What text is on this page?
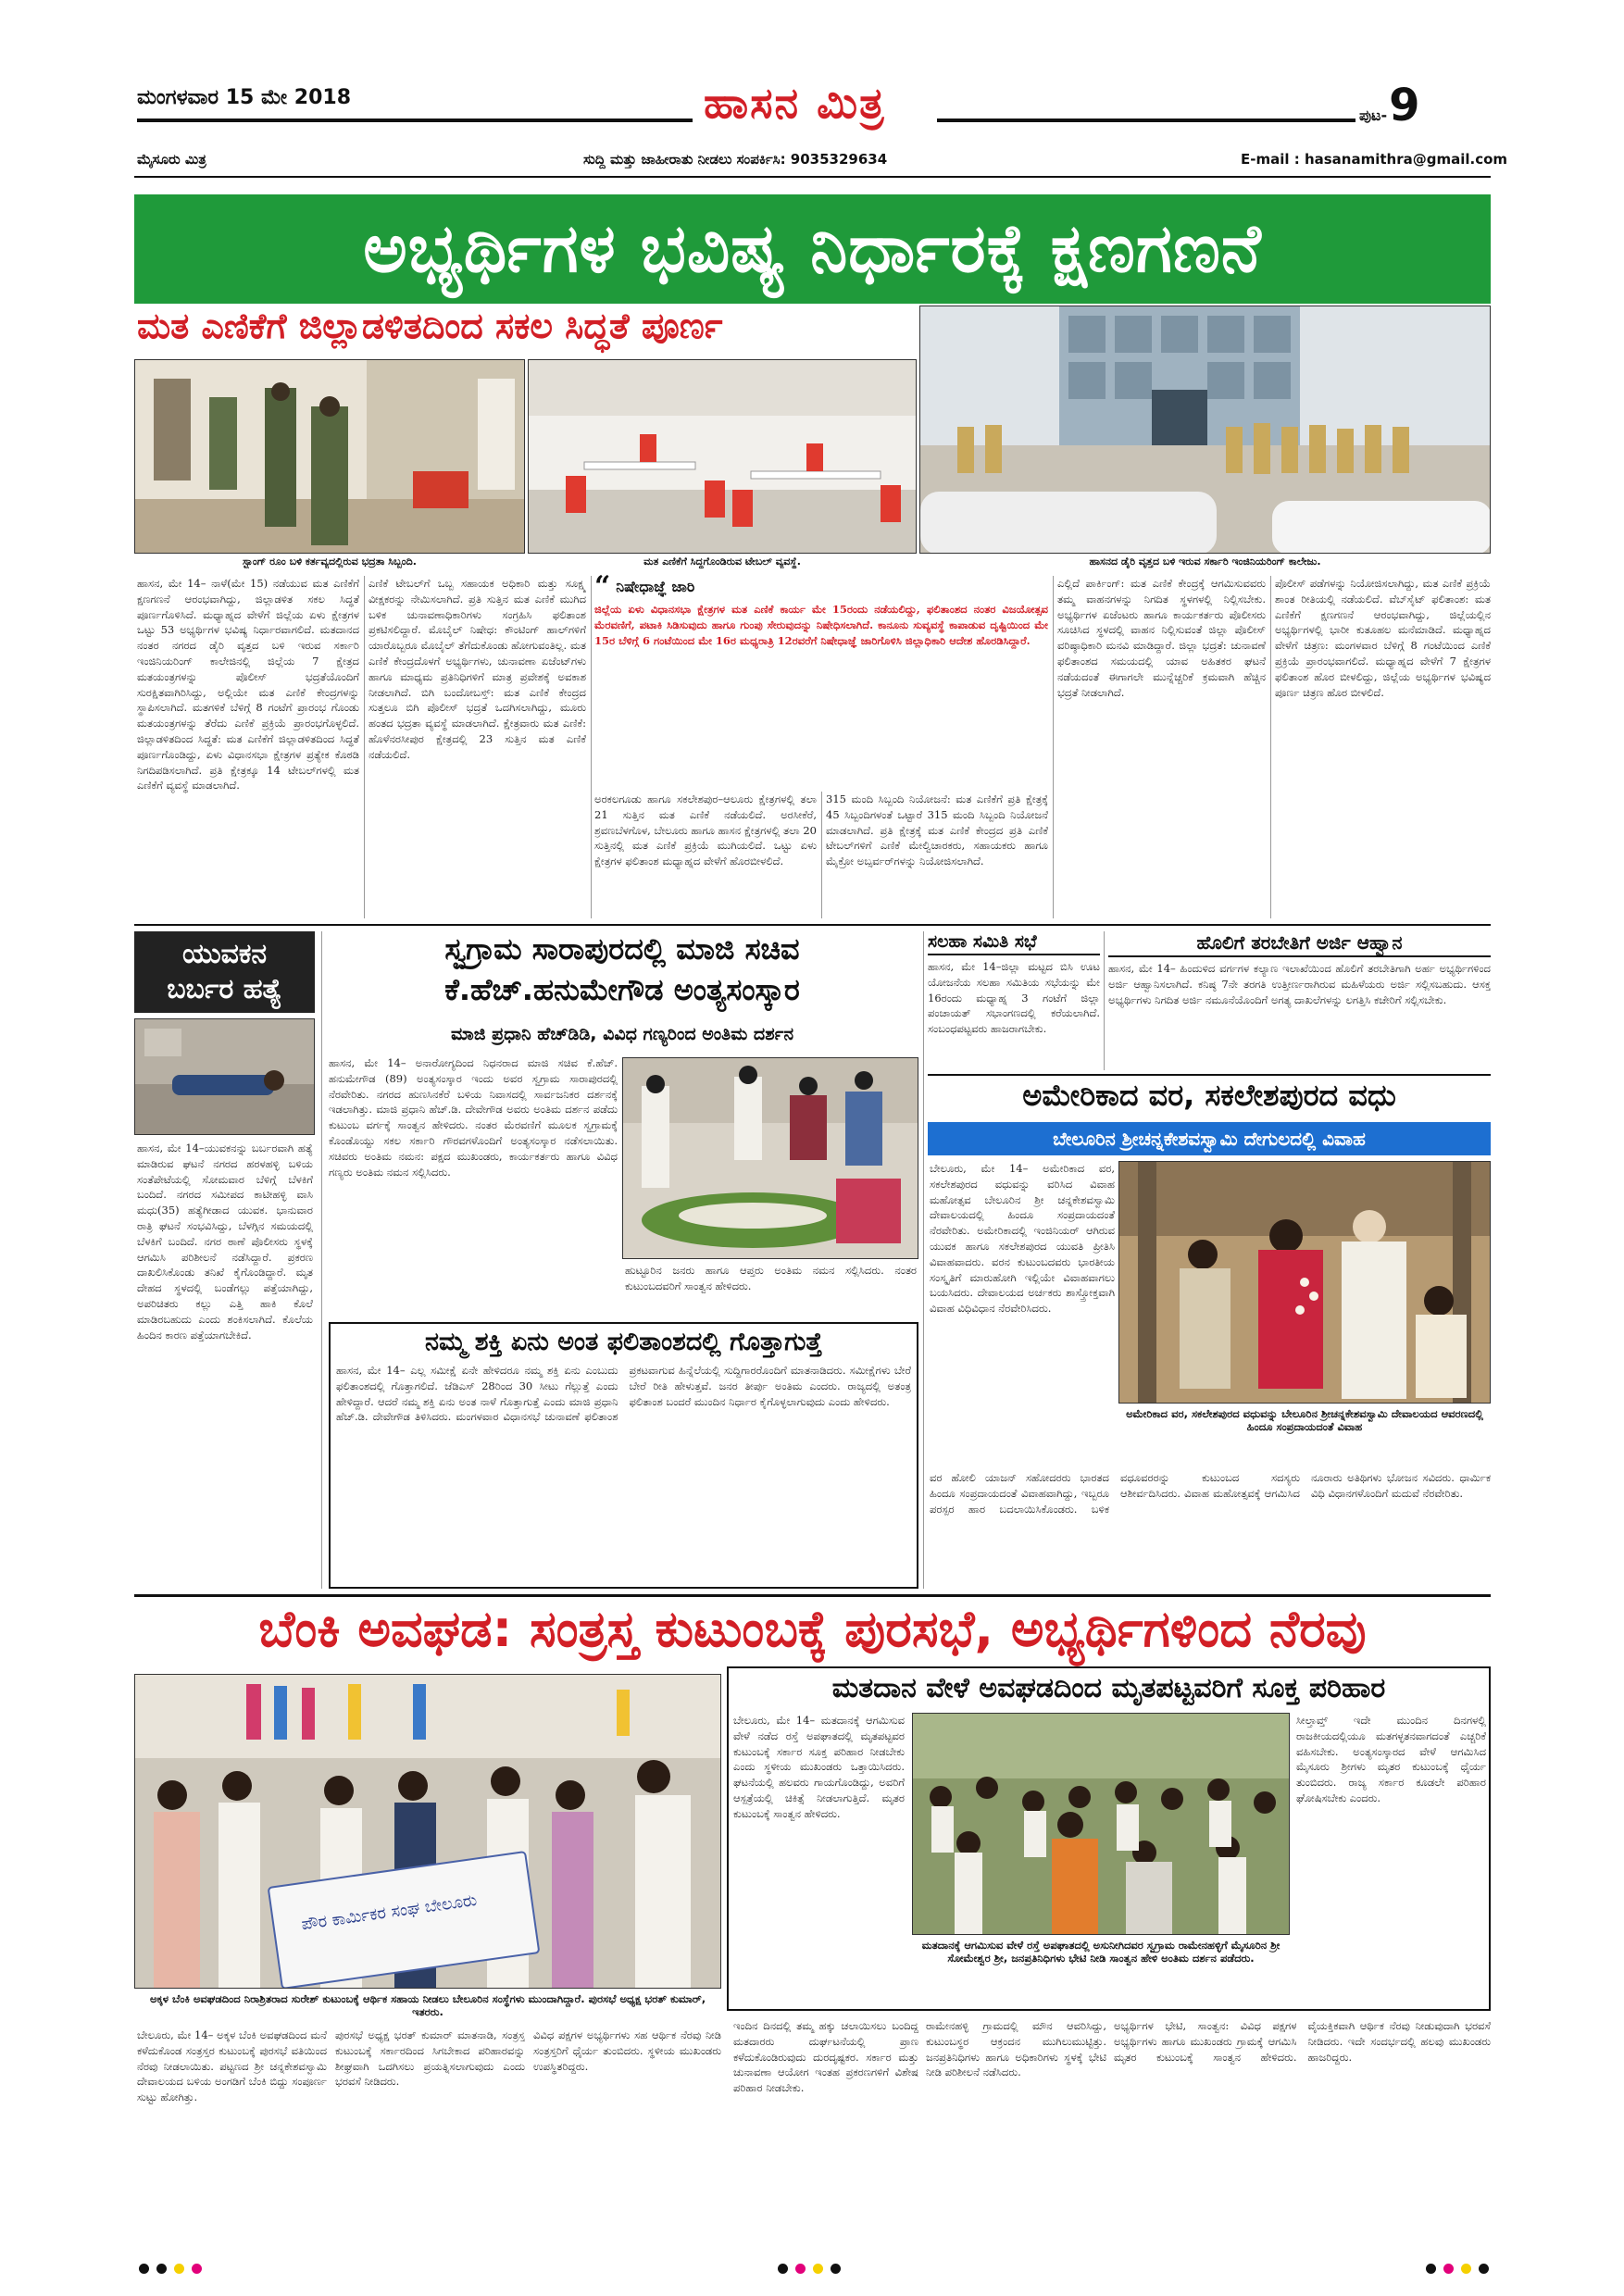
ಮಂಗಳವಾರ 15 ಮೇ 2018	ಹಾಸನ ಮಿತ್ರ	ಪುಟ- 9
ಮೈಸೂರು ಮಿತ್ರ	ಸುದ್ದಿ ಮತ್ತು ಜಾಹೀರಾತು ನೀಡಲು ಸಂಪರ್ಕಿಸಿ: 9035329634	E-mail : hasanamithra@gmail.com
ಅಭ್ಯರ್ಥಿಗಳ ಭವಿಷ್ಯ ನಿರ್ಧಾರಕ್ಕೆ ಕ್ಷಣಗಣನೆ
ಮತ ಎಣಿಕೆಗೆ ಜಿಲ್ಲಾಡಳಿತದಿಂದ ಸಕಲ ಸಿದ್ಧತೆ ಪೂರ್ಣ
ಸ್ಟ್ರಾಂಗ್ ರೂಂ ಬಳಿ ಕರ್ತವ್ಯದಲ್ಲಿರುವ ಭದ್ರತಾ ಸಿಬ್ಬಂದಿ.	ಮತ ಎಣಿಕೆಗೆ ಸಿದ್ಧಗೊಂಡಿರುವ ಟೇಬಲ್ ವ್ಯವಸ್ಥೆ.	ಹಾಸನದ ಡೈರಿ ವೃತ್ತದ ಬಳಿ ಇರುವ ಸರ್ಕಾರಿ ಇಂಜಿನಿಯರಿಂಗ್ ಕಾಲೇಜು.
ಹಾಸನ, ಮೇ 14– ನಾಳೆ(ಮೇ 15) ನಡೆಯುವ ಮತ ಎಣಿಕೆಗೆ ಕ್ಷಣಗಣನೆ ಆರಂಭವಾಗಿದ್ದು, ಜಿಲ್ಲಾಡಳಿತ ಸಕಲ ಸಿದ್ಧತೆ ಪೂರ್ಣಗೊಳಿಸಿದೆ. ಮಧ್ಯಾಹ್ನದ ವೇಳೆಗೆ ಜಿಲ್ಲೆಯ ಏಳು ಕ್ಷೇತ್ರಗಳ ಒಟ್ಟು 53 ಅಭ್ಯರ್ಥಿಗಳ ಭವಿಷ್ಯ ನಿರ್ಧಾರವಾಗಲಿದೆ. ಮತದಾನದ ನಂತರ ನಗರದ ಡೈರಿ ವೃತ್ತದ ಬಳಿ ಇರುವ ಸರ್ಕಾರಿ ಇಂಜಿನಿಯರಿಂಗ್ ಕಾಲೇಜಿನಲ್ಲಿ ಜಿಲ್ಲೆಯ 7 ಕ್ಷೇತ್ರದ ಮತಯಂತ್ರಗಳನ್ನು ಪೊಲೀಸ್ ಭದ್ರತೆಯೊಂದಿಗೆ ಸುರಕ್ಷಿತವಾಗಿರಿಸಿದ್ದು, ಅಲ್ಲಿಯೇ ಮತ ಎಣಿಕೆ ಕೇಂದ್ರಗಳನ್ನು ಸ್ಥಾಪಿಸಲಾಗಿದೆ. ಮತಗಳಿಕೆ ಬೆಳಿಗ್ಗೆ 8 ಗಂಟೆಗೆ ಪ್ರಾರಂಭ ಗೊಂಡು ಮತಯಂತ್ರಗಳನ್ನು ತೆರೆದು ಎಣಿಕೆ ಪ್ರಕ್ರಿಯೆ ಪ್ರಾರಂಭಗೊಳ್ಳಲಿದೆ. ಜಿಲ್ಲಾಡಳಿತದಿಂದ ಸಿದ್ಧತೆ: ಮತ ಎಣಿಕೆಗೆ ಜಿಲ್ಲಾಡಳಿತದಿಂದ ಸಿದ್ಧತೆ ಪೂರ್ಣಗೊಂಡಿದ್ದು, ಏಳು ವಿಧಾನಸಭಾ ಕ್ಷೇತ್ರಗಳ ಪ್ರತ್ಯೇಕ ಕೊಠಡಿ ನಿಗದಿಪಡಿಸಲಾಗಿದೆ. ಪ್ರತಿ ಕ್ಷೇತ್ರಕ್ಕೂ 14 ಟೇಬಲ್‌ಗಳಲ್ಲಿ ಮತ ಎಣಿಕೆಗೆ ವ್ಯವಸ್ಥೆ ಮಾಡಲಾಗಿದೆ.
ಎಣಿಕೆ ಟೇಬಲ್‌ಗೆ ಒಬ್ಬ ಸಹಾಯಕ ಅಧಿಕಾರಿ ಮತ್ತು ಸೂಕ್ಷ್ಮ ವೀಕ್ಷಕರನ್ನು ನೇಮಿಸಲಾಗಿದೆ. ಪ್ರತಿ ಸುತ್ತಿನ ಮತ ಎಣಿಕೆ ಮುಗಿದ ಬಳಿಕ ಚುನಾವಣಾಧಿಕಾರಿಗಳು ಸಂಗ್ರಹಿಸಿ ಫಲಿತಾಂಶ ಪ್ರಕಟಿಸಲಿದ್ದಾರೆ. ಮೊಬೈಲ್ ನಿಷೇಧ: ಕೌಂಟಿಂಗ್ ಹಾಲ್‌ಗಳಿಗೆ ಯಾರೊಬ್ಬರೂ ಮೊಬೈಲ್ ತೆಗೆದುಕೊಂಡು ಹೋಗುವಂತಿಲ್ಲ. ಮತ ಎಣಿಕೆ ಕೇಂದ್ರದೊಳಗೆ ಅಭ್ಯರ್ಥಿಗಳು, ಚುನಾವಣಾ ಏಜೆಂಟ್‌ಗಳು ಹಾಗೂ ಮಾಧ್ಯಮ ಪ್ರತಿನಿಧಿಗಳಿಗೆ ಮಾತ್ರ ಪ್ರವೇಶಕ್ಕೆ ಅವಕಾಶ ನೀಡಲಾಗಿದೆ. ಬಿಗಿ ಬಂದೋಬಸ್ತ್: ಮತ ಎಣಿಕೆ ಕೇಂದ್ರದ ಸುತ್ತಲೂ ಬಿಗಿ ಪೊಲೀಸ್ ಭದ್ರತೆ ಒದಗಿಸಲಾಗಿದ್ದು, ಮೂರು ಹಂತದ ಭದ್ರತಾ ವ್ಯವಸ್ಥೆ ಮಾಡಲಾಗಿದೆ. ಕ್ಷೇತ್ರವಾರು ಮತ ಎಣಿಕೆ: ಹೊಳೆನರಸೀಪುರ ಕ್ಷೇತ್ರದಲ್ಲಿ 23 ಸುತ್ತಿನ ಮತ ಎಣಿಕೆ ನಡೆಯಲಿದೆ.
“ ನಿಷೇಧಾಜ್ಞೆ ಜಾರಿ
ಜಿಲ್ಲೆಯ ಏಳು ವಿಧಾನಸಭಾ ಕ್ಷೇತ್ರಗಳ ಮತ ಎಣಿಕೆ ಕಾರ್ಯ ಮೇ 15ರಂದು ನಡೆಯಲಿದ್ದು, ಫಲಿತಾಂಶದ ನಂತರ ವಿಜಯೋತ್ಸವ ಮೆರವಣಿಗೆ, ಪಟಾಕಿ ಸಿಡಿಸುವುದು ಹಾಗೂ ಗುಂಪು ಸೇರುವುದನ್ನು ನಿಷೇಧಿಸಲಾಗಿದೆ. ಕಾನೂನು ಸುವ್ಯವಸ್ಥೆ ಕಾಪಾಡುವ ದೃಷ್ಟಿಯಿಂದ ಮೇ 15ರ ಬೆಳಿಗ್ಗೆ 6 ಗಂಟೆಯಿಂದ ಮೇ 16ರ ಮಧ್ಯರಾತ್ರಿ 12ರವರೆಗೆ ನಿಷೇಧಾಜ್ಞೆ ಜಾರಿಗೊಳಿಸಿ ಜಿಲ್ಲಾಧಿಕಾರಿ ಆದೇಶ ಹೊರಡಿಸಿದ್ದಾರೆ.
ಅರಕಲಗೂಡು ಹಾಗೂ ಸಕಲೇಶಪುರ–ಆಲೂರು ಕ್ಷೇತ್ರಗಳಲ್ಲಿ ತಲಾ 21 ಸುತ್ತಿನ ಮತ ಎಣಿಕೆ ನಡೆಯಲಿದೆ. ಅರಸೀಕೆರೆ, ಶ್ರವಣಬೆಳಗೊಳ, ಬೇಲೂರು ಹಾಗೂ ಹಾಸನ ಕ್ಷೇತ್ರಗಳಲ್ಲಿ ತಲಾ 20 ಸುತ್ತಿನಲ್ಲಿ ಮತ ಎಣಿಕೆ ಪ್ರಕ್ರಿಯೆ ಮುಗಿಯಲಿದೆ. ಒಟ್ಟು ಏಳು ಕ್ಷೇತ್ರಗಳ ಫಲಿತಾಂಶ ಮಧ್ಯಾಹ್ನದ ವೇಳೆಗೆ ಹೊರಬೀಳಲಿದೆ.
315 ಮಂದಿ ಸಿಬ್ಬಂದಿ ನಿಯೋಜನೆ: ಮತ ಎಣಿಕೆಗೆ ಪ್ರತಿ ಕ್ಷೇತ್ರಕ್ಕೆ 45 ಸಿಬ್ಬಂದಿಗಳಂತೆ ಒಟ್ಟಾರೆ 315 ಮಂದಿ ಸಿಬ್ಬಂದಿ ನಿಯೋಜನೆ ಮಾಡಲಾಗಿದೆ. ಪ್ರತಿ ಕ್ಷೇತ್ರಕ್ಕೆ ಮತ ಎಣಿಕೆ ಕೇಂದ್ರದ ಪ್ರತಿ ಎಣಿಕೆ ಟೇಬಲ್‌ಗಳಿಗೆ ಎಣಿಕೆ ಮೇಲ್ವಿಚಾರಕರು, ಸಹಾಯಕರು ಹಾಗೂ ಮೈಕ್ರೋ ಅಬ್ಸರ್ವರ್‌ಗಳನ್ನು ನಿಯೋಜಿಸಲಾಗಿದೆ.
ಎಲ್ಲಿದೆ ಪಾರ್ಕಿಂಗ್: ಮತ ಎಣಿಕೆ ಕೇಂದ್ರಕ್ಕೆ ಆಗಮಿಸುವವರು ತಮ್ಮ ವಾಹನಗಳನ್ನು ನಿಗದಿತ ಸ್ಥಳಗಳಲ್ಲಿ ನಿಲ್ಲಿಸಬೇಕು. ಅಭ್ಯರ್ಥಿಗಳ ಏಜೆಂಟರು ಹಾಗೂ ಕಾರ್ಯಕರ್ತರು ಪೊಲೀಸರು ಸೂಚಿಸಿದ ಸ್ಥಳದಲ್ಲಿ ವಾಹನ ನಿಲ್ಲಿಸುವಂತೆ ಜಿಲ್ಲಾ ಪೊಲೀಸ್ ವರಿಷ್ಠಾಧಿಕಾರಿ ಮನವಿ ಮಾಡಿದ್ದಾರೆ. ಜಿಲ್ಲಾ ಭದ್ರತೆ: ಚುನಾವಣೆ ಫಲಿತಾಂಶದ ಸಮಯದಲ್ಲಿ ಯಾವ ಅಹಿತಕರ ಘಟನೆ ನಡೆಯದಂತೆ ಈಗಾಗಲೇ ಮುನ್ನೆಚ್ಚರಿಕೆ ಕ್ರಮವಾಗಿ ಹೆಚ್ಚಿನ ಭದ್ರತೆ ನೀಡಲಾಗಿದೆ.
ಪೊಲೀಸ್ ಪಡೆಗಳನ್ನು ನಿಯೋಜಿಸಲಾಗಿದ್ದು, ಮತ ಎಣಿಕೆ ಪ್ರಕ್ರಿಯೆ ಶಾಂತ ರೀತಿಯಲ್ಲಿ ನಡೆಯಲಿದೆ. ವೆಬ್‌ಸೈಟ್ ಫಲಿತಾಂಶ: ಮತ ಎಣಿಕೆಗೆ ಕ್ಷಣಗಣನೆ ಆರಂಭವಾಗಿದ್ದು, ಜಿಲ್ಲೆಯಲ್ಲಿನ ಅಭ್ಯರ್ಥಿಗಳಲ್ಲಿ ಭಾರೀ ಕುತೂಹಲ ಮನೆಮಾಡಿದೆ. ಮಧ್ಯಾಹ್ನದ ವೇಳೆಗೆ ಚಿತ್ರಣ: ಮಂಗಳವಾರ ಬೆಳಿಗ್ಗೆ 8 ಗಂಟೆಯಿಂದ ಎಣಿಕೆ ಪ್ರಕ್ರಿಯೆ ಪ್ರಾರಂಭವಾಗಲಿದೆ. ಮಧ್ಯಾಹ್ನದ ವೇಳೆಗೆ 7 ಕ್ಷೇತ್ರಗಳ ಫಲಿತಾಂಶ ಹೊರ ಬೀಳಲಿದ್ದು, ಜಿಲ್ಲೆಯ ಅಭ್ಯರ್ಥಿಗಳ ಭವಿಷ್ಯದ ಪೂರ್ಣ ಚಿತ್ರಣ ಹೊರ ಬೀಳಲಿದೆ.
ಯುವಕನ
ಬರ್ಬರ ಹತ್ಯೆ
ಹಾಸನ, ಮೇ 14–ಯುವಕನನ್ನು ಬರ್ಬರವಾಗಿ ಹತ್ಯೆ ಮಾಡಿರುವ ಘಟನೆ ನಗರದ ಹರಳಹಳ್ಳಿ ಬಳಿಯ ಸಂತೆಪೇಟೆಯಲ್ಲಿ ಸೋಮವಾರ ಬೆಳಿಗ್ಗೆ ಬೆಳಕಿಗೆ ಬಂದಿದೆ. ನಗರದ ಸಮೀಪದ ಕಾಟೀಹಳ್ಳಿ ವಾಸಿ ಮಧು(35) ಹತ್ಯೆಗೀಡಾದ ಯುವಕ. ಭಾನುವಾರ ರಾತ್ರಿ ಘಟನೆ ಸಂಭವಿಸಿದ್ದು, ಬೆಳಗ್ಗಿನ ಸಮಯದಲ್ಲಿ ಬೆಳಕಿಗೆ ಬಂದಿದೆ. ನಗರ ಠಾಣೆ ಪೊಲೀಸರು ಸ್ಥಳಕ್ಕೆ ಆಗಮಿಸಿ ಪರಿಶೀಲನೆ ನಡೆಸಿದ್ದಾರೆ. ಪ್ರಕರಣ ದಾಖಲಿಸಿಕೊಂಡು ತನಿಖೆ ಕೈಗೊಂಡಿದ್ದಾರೆ. ಮೃತ ದೇಹದ ಸ್ಥಳದಲ್ಲಿ ಬಂಡೆಗಲ್ಲು ಪತ್ತೆಯಾಗಿದ್ದು, ಅಪರಿಚಿತರು ಕಲ್ಲು ಎತ್ತಿ ಹಾಕಿ ಕೊಲೆ ಮಾಡಿರಬಹುದು ಎಂದು ಶಂಕಿಸಲಾಗಿದೆ. ಕೊಲೆಯ ಹಿಂದಿನ ಕಾರಣ ಪತ್ತೆಯಾಗಬೇಕಿದೆ.
ಸ್ವಗ್ರಾಮ ಸಾರಾಪುರದಲ್ಲಿ ಮಾಜಿ ಸಚಿವ
ಕೆ.ಹೆಚ್.ಹನುಮೇಗೌಡ ಅಂತ್ಯಸಂಸ್ಕಾರ
ಮಾಜಿ ಪ್ರಧಾನಿ ಹೆಚ್‌ಡಿಡಿ, ವಿವಿಧ ಗಣ್ಯರಿಂದ ಅಂತಿಮ ದರ್ಶನ
ಹಾಸನ, ಮೇ 14– ಅನಾರೋಗ್ಯದಿಂದ ನಿಧನರಾದ ಮಾಜಿ ಸಚಿವ ಕೆ.ಹೆಚ್. ಹನುಮೇಗೌಡ (89) ಅಂತ್ಯಸಂಸ್ಕಾರ ಇಂದು ಅವರ ಸ್ವಗ್ರಾಮ ಸಾರಾಪುರದಲ್ಲಿ ನೆರವೇರಿತು. ನಗರದ ಹುಣಸಿನಕೆರೆ ಬಳಿಯ ನಿವಾಸದಲ್ಲಿ ಸಾರ್ವಜನಿಕರ ದರ್ಶನಕ್ಕೆ ಇಡಲಾಗಿತ್ತು. ಮಾಜಿ ಪ್ರಧಾನಿ ಹೆಚ್.ಡಿ. ದೇವೇಗೌಡ ಅವರು ಅಂತಿಮ ದರ್ಶನ ಪಡೆದು ಕುಟುಂಬ ವರ್ಗಕ್ಕೆ ಸಾಂತ್ವನ ಹೇಳಿದರು. ನಂತರ ಮೆರವಣಿಗೆ ಮೂಲಕ ಸ್ವಗ್ರಾಮಕ್ಕೆ ಕೊಂಡೊಯ್ದು ಸಕಲ ಸರ್ಕಾರಿ ಗೌರವಗಳೊಂದಿಗೆ ಅಂತ್ಯಸಂಸ್ಕಾರ ನಡೆಸಲಾಯಿತು. ಸಚಿವರು ಅಂತಿಮ ನಮನ: ಪಕ್ಷದ ಮುಖಂಡರು, ಕಾರ್ಯಕರ್ತರು ಹಾಗೂ ವಿವಿಧ ಗಣ್ಯರು ಅಂತಿಮ ನಮನ ಸಲ್ಲಿಸಿದರು.
ಹುಟ್ಟೂರಿನ ಜನರು ಹಾಗೂ ಆಪ್ತರು ಅಂತಿಮ ನಮನ ಸಲ್ಲಿಸಿದರು. ನಂತರ ಕುಟುಂಬದವರಿಗೆ ಸಾಂತ್ವನ ಹೇಳಿದರು.
ನಮ್ಮ ಶಕ್ತಿ ಏನು ಅಂತ ಫಲಿತಾಂಶದಲ್ಲಿ ಗೊತ್ತಾಗುತ್ತೆ
ಹಾಸನ, ಮೇ 14– ಎಲ್ಲ ಸಮೀಕ್ಷೆ ಏನೇ ಹೇಳಿದರೂ ನಮ್ಮ ಶಕ್ತಿ ಏನು ಎಂಬುದು ಫಲಿತಾಂಶದಲ್ಲಿ ಗೊತ್ತಾಗಲಿದೆ. ಜೆಡಿಎಸ್ 28ರಿಂದ 30 ಸೀಟು ಗೆಲ್ಲುತ್ತೆ ಎಂದು ಹೇಳಿದ್ದಾರೆ. ಆದರೆ ನಮ್ಮ ಶಕ್ತಿ ಏನು ಅಂತ ನಾಳೆ ಗೊತ್ತಾಗುತ್ತೆ ಎಂದು ಮಾಜಿ ಪ್ರಧಾನಿ ಹೆಚ್.ಡಿ. ದೇವೇಗೌಡ ತಿಳಿಸಿದರು. ಮಂಗಳವಾರ ವಿಧಾನಸಭೆ ಚುನಾವಣೆ ಫಲಿತಾಂಶ ಪ್ರಕಟವಾಗುವ ಹಿನ್ನೆಲೆಯಲ್ಲಿ ಸುದ್ದಿಗಾರರೊಂದಿಗೆ ಮಾತನಾಡಿದರು. ಸಮೀಕ್ಷೆಗಳು ಬೇರೆ ಬೇರೆ ರೀತಿ ಹೇಳುತ್ತವೆ. ಜನರ ತೀರ್ಪು ಅಂತಿಮ ಎಂದರು. ರಾಜ್ಯದಲ್ಲಿ ಅತಂತ್ರ ಫಲಿತಾಂಶ ಬಂದರೆ ಮುಂದಿನ ನಿರ್ಧಾರ ಕೈಗೊಳ್ಳಲಾಗುವುದು ಎಂದು ಹೇಳಿದರು.
ಸಲಹಾ ಸಮಿತಿ ಸಭೆ
ಹಾಸನ, ಮೇ 14–ಜಿಲ್ಲಾ ಮಟ್ಟದ ಬಿಸಿ ಊಟ ಯೋಜನೆಯ ಸಲಹಾ ಸಮಿತಿಯ ಸಭೆಯನ್ನು ಮೇ 16ರಂದು ಮಧ್ಯಾಹ್ನ 3 ಗಂಟೆಗೆ ಜಿಲ್ಲಾ ಪಂಚಾಯತ್ ಸಭಾಂಗಣದಲ್ಲಿ ಕರೆಯಲಾಗಿದೆ. ಸಂಬಂಧಪಟ್ಟವರು ಹಾಜರಾಗಬೇಕು.
ಹೊಲಿಗೆ ತರಬೇತಿಗೆ ಅರ್ಜಿ ಆಹ್ವಾನ
ಹಾಸನ, ಮೇ 14– ಹಿಂದುಳಿದ ವರ್ಗಗಳ ಕಲ್ಯಾಣ ಇಲಾಖೆಯಿಂದ ಹೊಲಿಗೆ ತರಬೇತಿಗಾಗಿ ಅರ್ಹ ಅಭ್ಯರ್ಥಿಗಳಿಂದ ಅರ್ಜಿ ಆಹ್ವಾನಿಸಲಾಗಿದೆ. ಕನಿಷ್ಠ 7ನೇ ತರಗತಿ ಉತ್ತೀರ್ಣರಾಗಿರುವ ಮಹಿಳೆಯರು ಅರ್ಜಿ ಸಲ್ಲಿಸಬಹುದು. ಆಸಕ್ತ ಅಭ್ಯರ್ಥಿಗಳು ನಿಗದಿತ ಅರ್ಜಿ ನಮೂನೆಯೊಂದಿಗೆ ಅಗತ್ಯ ದಾಖಲೆಗಳನ್ನು ಲಗತ್ತಿಸಿ ಕಚೇರಿಗೆ ಸಲ್ಲಿಸಬೇಕು.
ಅಮೇರಿಕಾದ ವರ, ಸಕಲೇಶಪುರದ ವಧು
ಬೇಲೂರಿನ ಶ್ರೀಚನ್ನಕೇಶವಸ್ವಾಮಿ ದೇಗುಲದಲ್ಲಿ ವಿವಾಹ
ಬೇಲೂರು, ಮೇ 14– ಅಮೇರಿಕಾದ ವರ, ಸಕಲೇಶಪುರದ ವಧುವನ್ನು ವರಿಸಿದ ವಿವಾಹ ಮಹೋತ್ಸವ ಬೇಲೂರಿನ ಶ್ರೀ ಚನ್ನಕೇಶವಸ್ವಾಮಿ ದೇವಾಲಯದಲ್ಲಿ ಹಿಂದೂ ಸಂಪ್ರದಾಯದಂತೆ ನೆರವೇರಿತು. ಅಮೇರಿಕಾದಲ್ಲಿ ಇಂಜಿನಿಯರ್ ಆಗಿರುವ ಯುವಕ ಹಾಗೂ ಸಕಲೇಶಪುರದ ಯುವತಿ ಪ್ರೀತಿಸಿ ವಿವಾಹವಾದರು. ವರನ ಕುಟುಂಬದವರು ಭಾರತೀಯ ಸಂಸ್ಕೃತಿಗೆ ಮಾರುಹೋಗಿ ಇಲ್ಲಿಯೇ ವಿವಾಹವಾಗಲು ಬಯಸಿದರು. ದೇವಾಲಯದ ಅರ್ಚಕರು ಶಾಸ್ತ್ರೋಕ್ತವಾಗಿ ವಿವಾಹ ವಿಧಿವಿಧಾನ ನೆರವೇರಿಸಿದರು.
ಅಮೇರಿಕಾದ ವರ, ಸಕಲೇಶಪುರದ ವಧುವನ್ನು ಬೇಲೂರಿನ ಶ್ರೀಚನ್ನಕೇಶವಸ್ವಾಮಿ ದೇವಾಲಯದ ಆವರಣದಲ್ಲಿ ಹಿಂದೂ ಸಂಪ್ರದಾಯದಂತೆ ವಿವಾಹ
ವರ ಹೋಲಿ ಯಾಜನ್ ಸಹೋದರರು ಭಾರತದ ಹಿಂದೂ ಸಂಪ್ರದಾಯದಂತೆ ವಿವಾಹವಾಗಿದ್ದು, ಇಬ್ಬರೂ ಪರಸ್ಪರ ಹಾರ ಬದಲಾಯಿಸಿಕೊಂಡರು. ಬಳಿಕ ವಧೂವರರನ್ನು ಕುಟುಂಬದ ಸದಸ್ಯರು ಆಶೀರ್ವದಿಸಿದರು. ವಿವಾಹ ಮಹೋತ್ಸವಕ್ಕೆ ಆಗಮಿಸಿದ ನೂರಾರು ಅತಿಥಿಗಳು ಭೋಜನ ಸವಿದರು. ಧಾರ್ಮಿಕ ವಿಧಿ ವಿಧಾನಗಳೊಂದಿಗೆ ಮದುವೆ ನೆರವೇರಿತು.
ಬೆಂಕಿ ಅವಘಡ: ಸಂತ್ರಸ್ತ ಕುಟುಂಬಕ್ಕೆ ಪುರಸಭೆ, ಅಭ್ಯರ್ಥಿಗಳಿಂದ ನೆರವು
ಪೌರ ಕಾರ್ಮಿಕರ ಸಂಘ ಬೇಲೂರು
ಅಕ್ಕಳ ಬೆಂಕಿ ಅವಘಡದಿಂದ ನಿರಾಶ್ರಿತರಾದ ಸುರೇಶ್ ಕುಟುಂಬಕ್ಕೆ ಆರ್ಥಿಕ ಸಹಾಯ ನೀಡಲು ಬೇಲೂರಿನ ಸಂಸ್ಥೆಗಳು ಮುಂದಾಗಿದ್ದಾರೆ. ಪುರಸಭೆ ಅಧ್ಯಕ್ಷ ಭರತ್ ಕುಮಾರ್, ಇತರರು.
ಬೇಲೂರು, ಮೇ 14– ಅಕ್ಕಳ ಬೆಂಕಿ ಅವಘಡದಿಂದ ಮನೆ ಕಳೆದುಕೊಂಡ ಸಂತ್ರಸ್ತರ ಕುಟುಂಬಕ್ಕೆ ಪುರಸಭೆ ವತಿಯಿಂದ ನೆರವು ನೀಡಲಾಯಿತು. ಪಟ್ಟಣದ ಶ್ರೀ ಚನ್ನಕೇಶವಸ್ವಾಮಿ ದೇವಾಲಯದ ಬಳಿಯ ಅಂಗಡಿಗೆ ಬೆಂಕಿ ಬಿದ್ದು ಸಂಪೂರ್ಣ ಸುಟ್ಟು ಹೋಗಿತ್ತು.
ಪುರಸಭೆ ಅಧ್ಯಕ್ಷ ಭರತ್ ಕುಮಾರ್ ಮಾತನಾಡಿ, ಸಂತ್ರಸ್ತ ಕುಟುಂಬಕ್ಕೆ ಸರ್ಕಾರದಿಂದ ಸಿಗಬೇಕಾದ ಪರಿಹಾರವನ್ನು ಶೀಘ್ರವಾಗಿ ಒದಗಿಸಲು ಪ್ರಯತ್ನಿಸಲಾಗುವುದು ಎಂದು ಭರವಸೆ ನೀಡಿದರು.
ವಿವಿಧ ಪಕ್ಷಗಳ ಅಭ್ಯರ್ಥಿಗಳು ಸಹ ಆರ್ಥಿಕ ನೆರವು ನೀಡಿ ಸಂತ್ರಸ್ತರಿಗೆ ಧೈರ್ಯ ತುಂಬಿದರು. ಸ್ಥಳೀಯ ಮುಖಂಡರು ಉಪಸ್ಥಿತರಿದ್ದರು.
ಮತದಾನ ವೇಳೆ ಅವಘಡದಿಂದ ಮೃತಪಟ್ಟವರಿಗೆ ಸೂಕ್ತ ಪರಿಹಾರ
ಬೇಲೂರು, ಮೇ 14– ಮತದಾನಕ್ಕೆ ಆಗಮಿಸುವ ವೇಳೆ ನಡೆದ ರಸ್ತೆ ಅಪಘಾತದಲ್ಲಿ ಮೃತಪಟ್ಟವರ ಕುಟುಂಬಕ್ಕೆ ಸರ್ಕಾರ ಸೂಕ್ತ ಪರಿಹಾರ ನೀಡಬೇಕು ಎಂದು ಸ್ಥಳೀಯ ಮುಖಂಡರು ಒತ್ತಾಯಿಸಿದರು. ಘಟನೆಯಲ್ಲಿ ಹಲವರು ಗಾಯಗೊಂಡಿದ್ದು, ಅವರಿಗೆ ಆಸ್ಪತ್ರೆಯಲ್ಲಿ ಚಿಕಿತ್ಸೆ ನೀಡಲಾಗುತ್ತಿದೆ. ಮೃತರ ಕುಟುಂಬಕ್ಕೆ ಸಾಂತ್ವನ ಹೇಳಿದರು.
ಮತದಾನಕ್ಕೆ ಆಗಮಿಸುವ ವೇಳೆ ರಸ್ತೆ ಅಪಘಾತದಲ್ಲಿ ಅಸುನೀಗಿದವರ ಸ್ವಗ್ರಾಮ ರಾಮೇನಹಳ್ಳಿಗೆ ಮೈಸೂರಿನ ಶ್ರೀ ಸೋಮೇಶ್ವರ ಶ್ರೀ, ಜನಪ್ರತಿನಿಧಿಗಳು ಭೇಟಿ ನೀಡಿ ಸಾಂತ್ವನ ಹೇಳಿ ಅಂತಿಮ ದರ್ಶನ ಪಡೆದರು.
ಸೀಲ್ತಾವ್ತ್ ಇದೇ ಮುಂದಿನ ದಿನಗಳಲ್ಲಿ ರಾಜಕೀಯದಲ್ಲಿಯೂ ಮತಗಳ್ಳತನವಾಗದಂತೆ ಎಚ್ಚರಿಕೆ ವಹಿಸಬೇಕು. ಅಂತ್ಯಸಂಸ್ಕಾರದ ವೇಳೆ ಆಗಮಿಸಿದ ಮೈಸೂರು ಶ್ರೀಗಳು ಮೃತರ ಕುಟುಂಬಕ್ಕೆ ಧೈರ್ಯ ತುಂಬಿದರು. ರಾಜ್ಯ ಸರ್ಕಾರ ಕೂಡಲೇ ಪರಿಹಾರ ಘೋಷಿಸಬೇಕು ಎಂದರು.
ಇಂದಿನ ದಿನದಲ್ಲಿ ತಮ್ಮ ಹಕ್ಕು ಚಲಾಯಿಸಲು ಬಂದಿದ್ದ ಮತದಾರರು ದುರ್ಘಟನೆಯಲ್ಲಿ ಪ್ರಾಣ ಕಳೆದುಕೊಂಡಿರುವುದು ದುರದೃಷ್ಟಕರ. ಸರ್ಕಾರ ಮತ್ತು ಚುನಾವಣಾ ಆಯೋಗ ಇಂತಹ ಪ್ರಕರಣಗಳಿಗೆ ವಿಶೇಷ ಪರಿಹಾರ ನೀಡಬೇಕು.
ರಾಮೇನಹಳ್ಳಿ ಗ್ರಾಮದಲ್ಲಿ ಮೌನ ಆವರಿಸಿದ್ದು, ಕುಟುಂಬಸ್ಥರ ಆಕ್ರಂದನ ಮುಗಿಲುಮುಟ್ಟಿತ್ತು. ಜನಪ್ರತಿನಿಧಿಗಳು ಹಾಗೂ ಅಧಿಕಾರಿಗಳು ಸ್ಥಳಕ್ಕೆ ಭೇಟಿ ನೀಡಿ ಪರಿಶೀಲನೆ ನಡೆಸಿದರು.
ಅಭ್ಯರ್ಥಿಗಳ ಭೇಟಿ, ಸಾಂತ್ವನ: ವಿವಿಧ ಪಕ್ಷಗಳ ಅಭ್ಯರ್ಥಿಗಳು ಹಾಗೂ ಮುಖಂಡರು ಗ್ರಾಮಕ್ಕೆ ಆಗಮಿಸಿ ಮೃತರ ಕುಟುಂಬಕ್ಕೆ ಸಾಂತ್ವನ ಹೇಳಿದರು. ವೈಯಕ್ತಿಕವಾಗಿ ಆರ್ಥಿಕ ನೆರವು ನೀಡುವುದಾಗಿ ಭರವಸೆ ನೀಡಿದರು. ಇದೇ ಸಂದರ್ಭದಲ್ಲಿ ಹಲವು ಮುಖಂಡರು ಹಾಜರಿದ್ದರು.
